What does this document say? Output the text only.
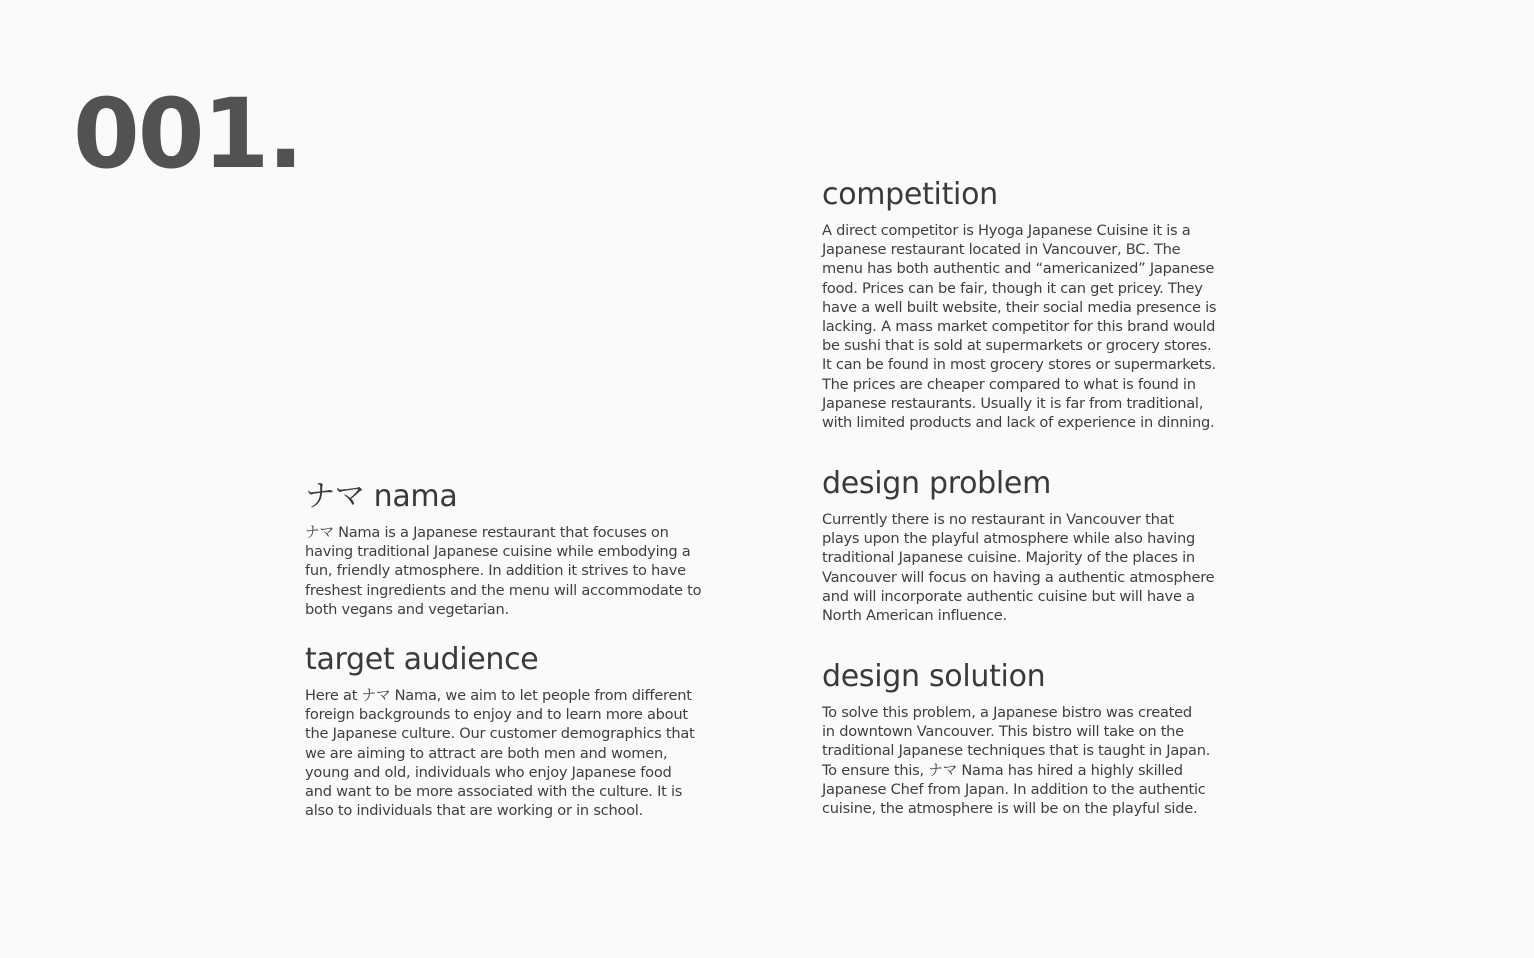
001.
ナマ nama

ナマ Nama is a Japanese restaurant that focuses on
having traditional Japanese cuisine while embodying a
fun, friendly atmosphere. In addition it strives to have
freshest ingredients and the menu will accommodate to
both vegans and vegetarian.

target audience

Here at ナマ Nama, we aim to let people from different
foreign backgrounds to enjoy and to learn more about
the Japanese culture. Our customer demographics that
we are aiming to attract are both men and women,
young and old, individuals who enjoy Japanese food
and want to be more associated with the culture. It is
also to individuals that are working or in school.

competition

A direct competitor is Hyoga Japanese Cuisine it is a
Japanese restaurant located in Vancouver, BC. The
menu has both authentic and “americanized” Japanese
food. Prices can be fair, though it can get pricey. They
have a well built website, their social media presence is
lacking. A mass market competitor for this brand would
be sushi that is sold at supermarkets or grocery stores.
It can be found in most grocery stores or supermarkets.
The prices are cheaper compared to what is found in
Japanese restaurants. Usually it is far from traditional,
with limited products and lack of experience in dinning.

design problem

Currently there is no restaurant in Vancouver that
plays upon the playful atmosphere while also having
traditional Japanese cuisine. Majority of the places in
Vancouver will focus on having a authentic atmosphere
and will incorporate authentic cuisine but will have a
North American influence.

design solution

To solve this problem, a Japanese bistro was created
in downtown Vancouver. This bistro will take on the
traditional Japanese techniques that is taught in Japan.
To ensure this, ナマ Nama has hired a highly skilled
Japanese Chef from Japan. In addition to the authentic
cuisine, the atmosphere is will be on the playful side.
